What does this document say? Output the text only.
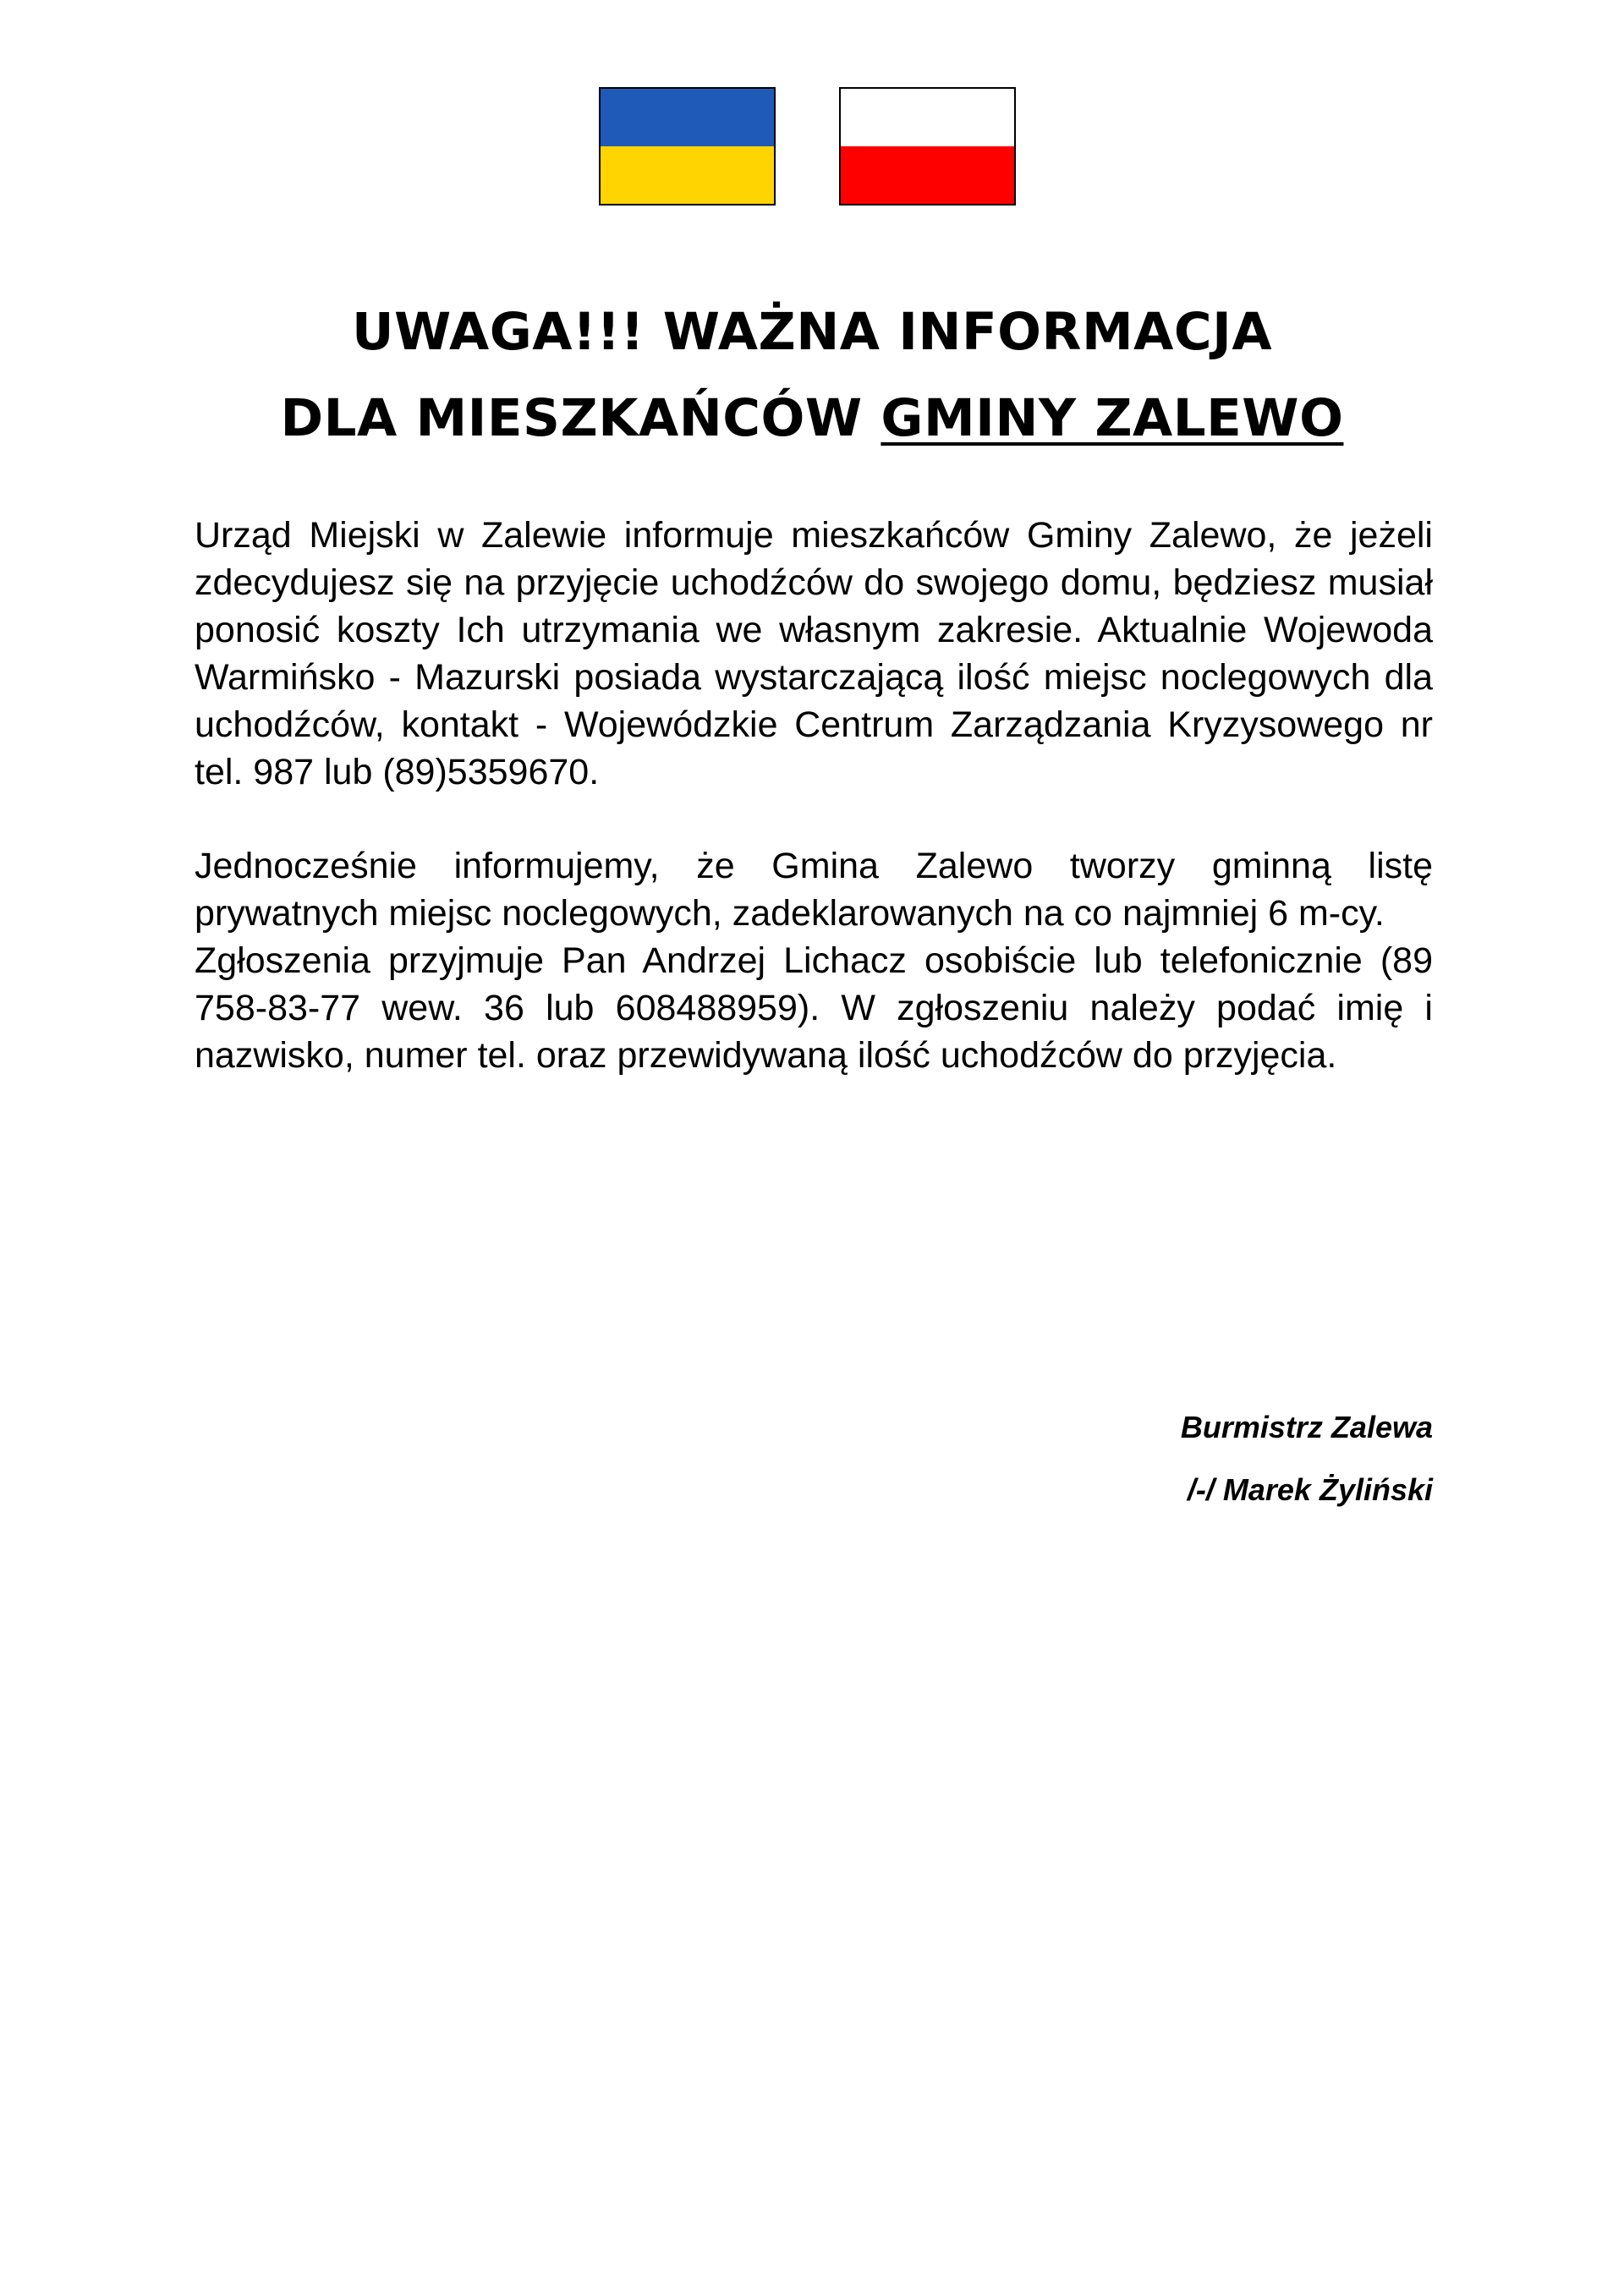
UWAGA!!! WAŻNA INFORMACJA
DLA MIESZKAŃCÓW GMINY ZALEWO

Urząd Miejski w Zalewie informuje mieszkańców Gminy Zalewo, że jeżeli zdecydujesz się na przyjęcie uchodźców do swojego domu, będziesz musiał ponosić koszty Ich utrzymania we własnym zakresie. Aktualnie Wojewoda Warmińsko - Mazurski posiada wystarczającą ilość miejsc noclegowych dla uchodźców, kontakt - Wojewódzkie Centrum Zarządzania Kryzysowego nr tel. 987 lub (89)5359670.

Jednocześnie informujemy, że Gmina Zalewo tworzy gminną listę prywatnych miejsc noclegowych, zadeklarowanych na co najmniej 6 m-cy.

Zgłoszenia przyjmuje Pan Andrzej Lichacz osobiście lub telefonicznie (89 758-83-77 wew. 36 lub 608488959). W zgłoszeniu należy podać imię i nazwisko, numer tel. oraz przewidywaną ilość uchodźców do przyjęcia.

Burmistrz Zalewa
/-/ Marek Żyliński
